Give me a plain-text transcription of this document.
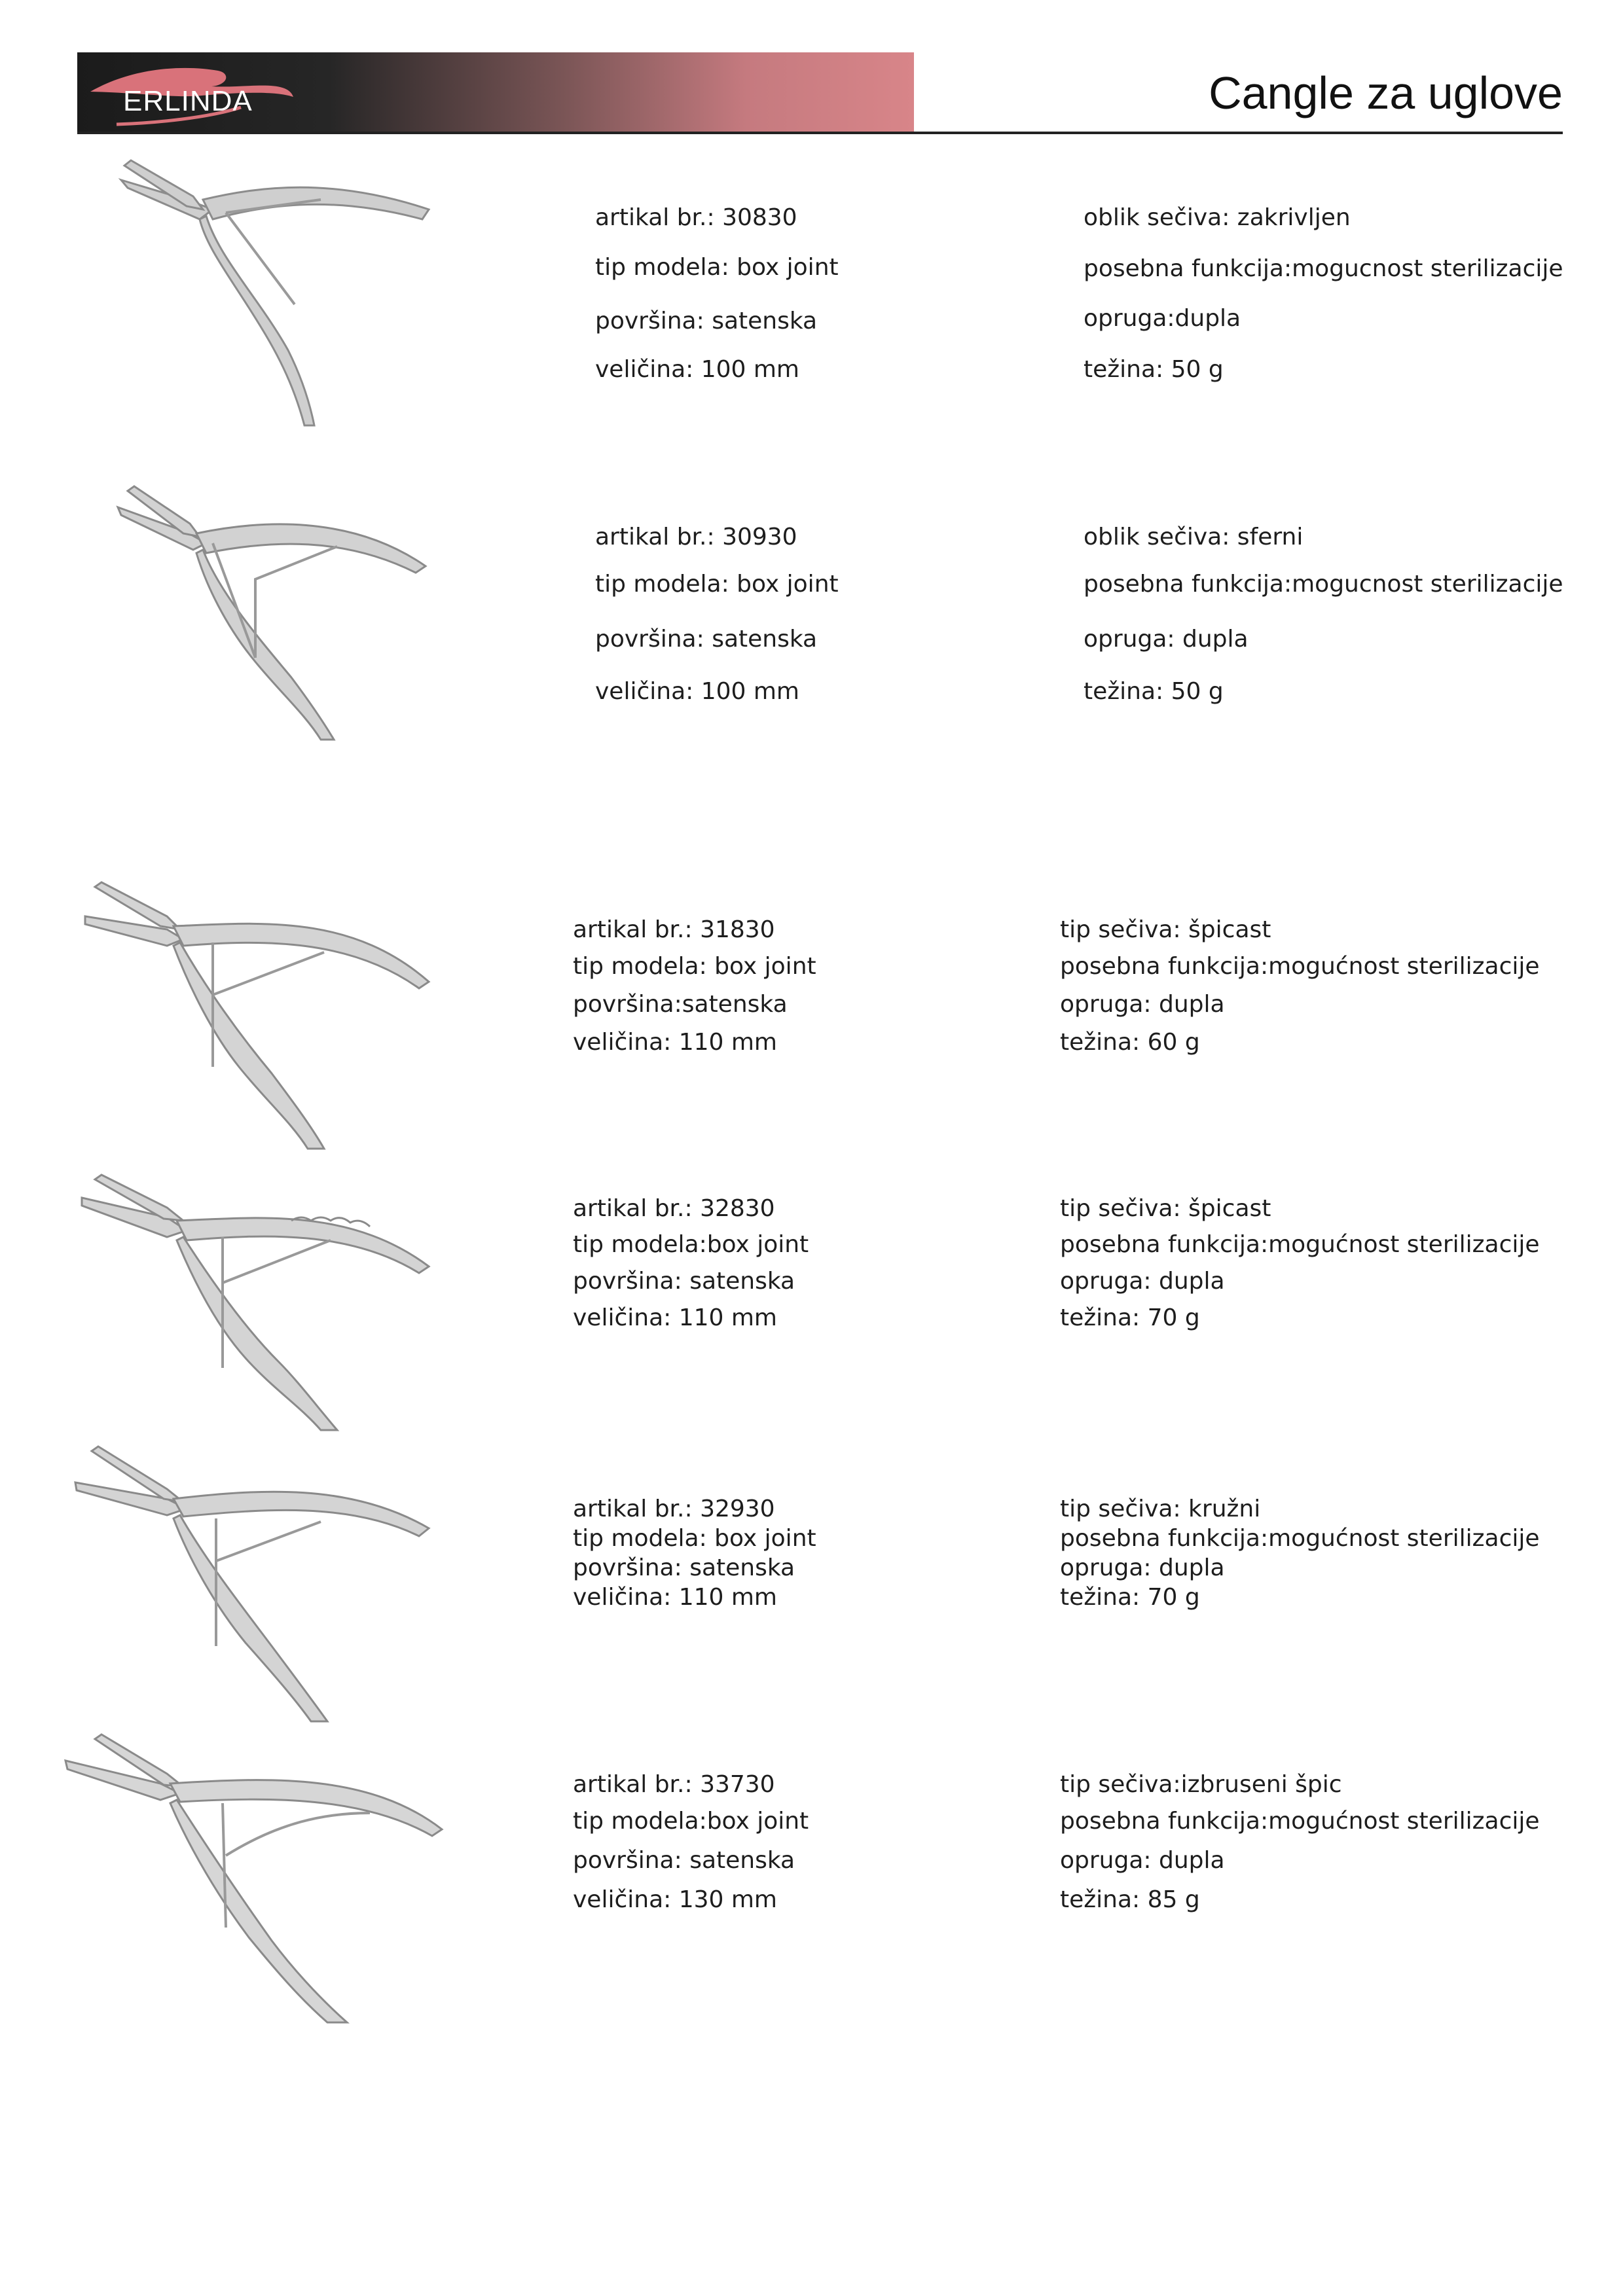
ERLINDA	Cangle za uglove
artikal br.: 30830
tip modela: box joint
površina: satenska
veličina: 100 mm
oblik sečiva: zakrivljen
posebna funkcija:mogucnost sterilizacije
opruga:dupla
težina: 50 g
artikal br.: 30930
tip modela: box joint
površina: satenska
veličina: 100 mm
oblik sečiva: sferni
posebna funkcija:mogucnost sterilizacije
opruga: dupla
težina: 50 g
artikal br.: 31830
tip modela: box joint
površina:satenska
veličina: 110 mm
tip sečiva: špicast
posebna funkcija:mogućnost sterilizacije
opruga: dupla
težina: 60 g
artikal br.: 32830
tip modela:box joint
površina: satenska
veličina: 110 mm
tip sečiva: špicast
posebna funkcija:mogućnost sterilizacije
opruga: dupla
težina: 70 g
artikal br.: 32930
tip modela: box joint
površina: satenska
veličina: 110 mm
tip sečiva: kružni
posebna funkcija:mogućnost sterilizacije
opruga: dupla
težina: 70 g
artikal br.: 33730
tip modela:box joint
površina: satenska
veličina: 130 mm
tip sečiva:izbruseni špic
posebna funkcija:mogućnost sterilizacije
opruga: dupla
težina: 85 g
